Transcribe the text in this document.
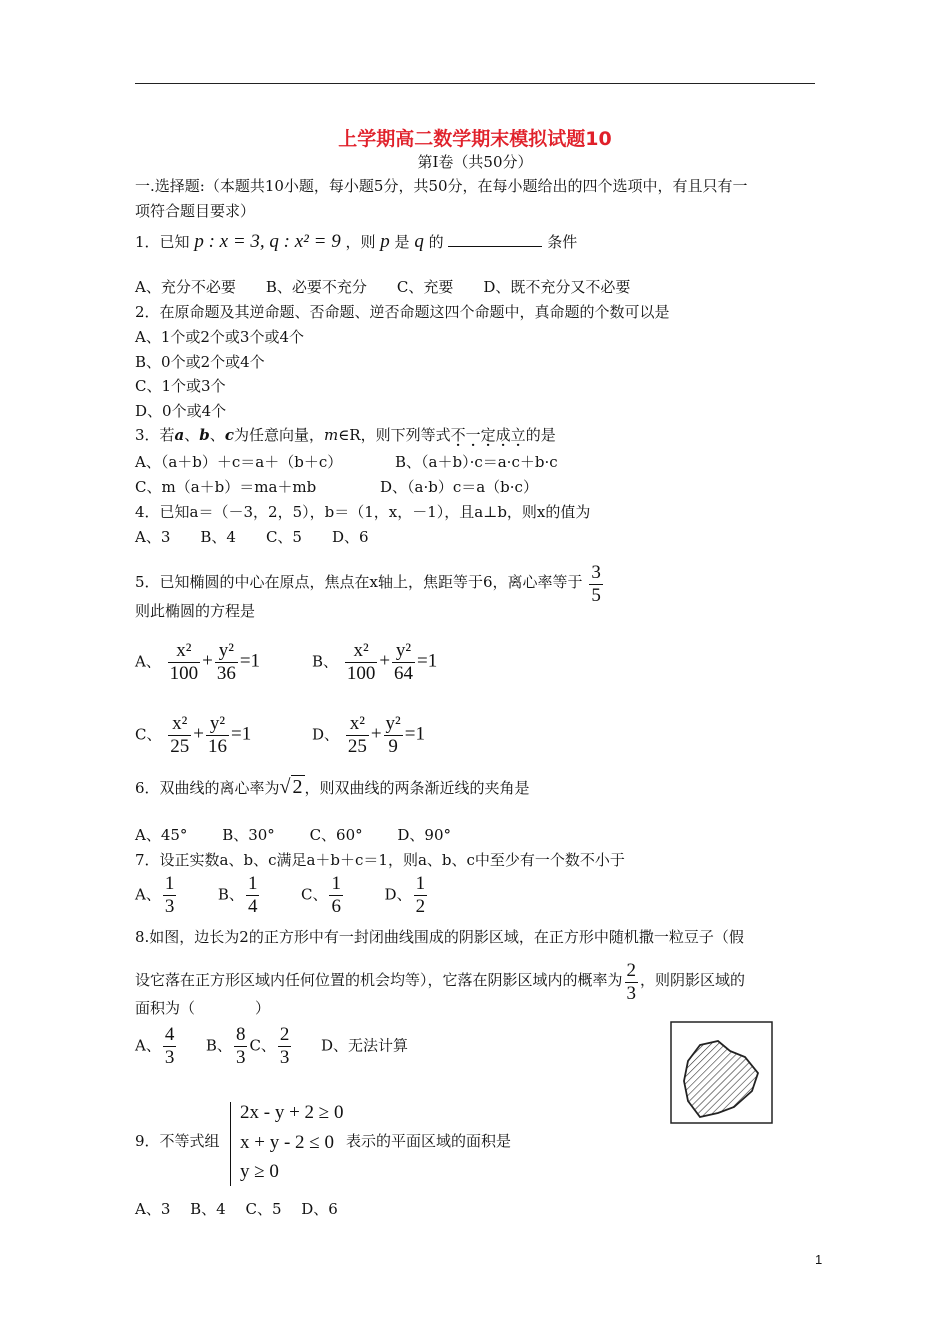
上学期高二数学期末模拟试题10
第Ⅰ卷（共50分）
一.选择题:（本题共10小题，每小题5分，共50分，在每小题给出的四个选项中，有且只有一
项符合题目要求）
1．已知 p : x = 3, q : x² = 9 ，则 p 是 q 的	条件
A、充分不必要　　B、必要不充分　　C、充要　　D、既不充分又不必要
2．在原命题及其逆命题、否命题、逆否命题这四个命题中，真命题的个数可以是
A、1个或2个或3个或4个
B、0个或2个或4个
C、1个或3个
D、0个或4个
3．若a、b、c为任意向量，m∈R，则下列等式不一定成立的是
A、（a＋b）＋c＝a＋（b＋c）	B、（a＋b）·c＝a·c＋b·c
C、m（a＋b）＝ma＋mb	D、（a·b）c＝a（b·c）
4．已知a＝（－3，2，5），b＝（1，x，－1），且a⊥b，则x的值为
A、3　　B、4　　C、5　　D、6
5．已知椭圆的中心在原点，焦点在x轴上，焦距等于6，离心率等于 $\frac{3}{5}$
则此椭圆的方程是
A、 $\frac{\text{x²}}{100} + \frac{\text{y²}}{36} =1$	B、 $\frac{\text{x²}}{100} + \frac{\text{y²}}{64} =1$
C、 $\frac{\text{x²}}{25} + \frac{\text{y²}}{16} =1$	D、 $\frac{\text{x²}}{25} + \frac{\text{y²}}{9} =1$
6．双曲线的离心率为√ 2 ，则双曲线的两条渐近线的夹角是
A、45°　　 B、30°　　 C、60°　　 D、90°
7．设正实数a、b、c满足a＋b＋c＝1，则a、b、c中至少有一个数不小于
A、 $\frac{1}{3}$	B、 $\frac{1}{4}$	C、 $\frac{1}{6}$	D、 $\frac{1}{2}$
8.如图，边长为2的正方形中有一封闭曲线围成的阴影区域，在正方形中随机撒一粒豆子（假
设它落在正方形区域内任何位置的机会均等），它落在阴影区域内的概率为 $\frac{2}{3}$ ，则阴影区域的
面积为（　　　　）
A、 $\frac{4}{3}$ B、 $\frac{8}{3}$ C、 $\frac{2}{3}$ D、无法计算
9．不等式组
2x - y + 2 ≥ 0
x + y - 2 ≤ 0
y ≥ 0
表示的平面区域的面积是
A、3　 B、4　 C、5　 D、6
1
